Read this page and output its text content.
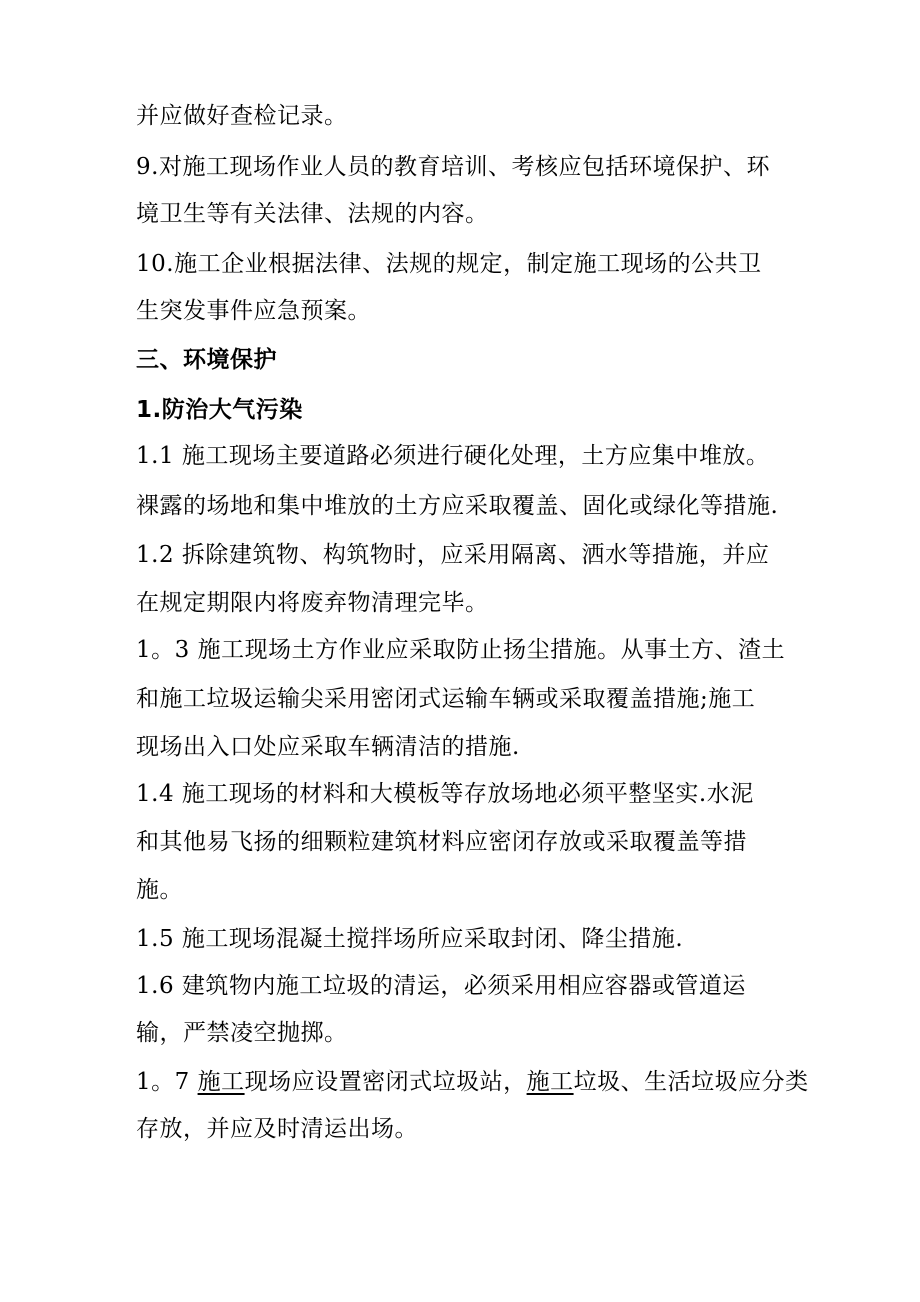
并应做好查检记录。
9.对施工现场作业人员的教育培训、考核应包括环境保护、环
境卫生等有关法律、法规的内容。
10.施工企业根据法律、法规的规定，制定施工现场的公共卫
生突发事件应急预案。
三、环境保护
1.防治大气污染
1.1 施工现场主要道路必须进行硬化处理，土方应集中堆放。
裸露的场地和集中堆放的土方应采取覆盖、固化或绿化等措施.
1.2 拆除建筑物、构筑物时，应采用隔离、洒水等措施，并应
在规定期限内将废弃物清理完毕。
1。3 施工现场土方作业应采取防止扬尘措施。从事土方、渣土
和施工垃圾运输尖采用密闭式运输车辆或采取覆盖措施;施工
现场出入口处应采取车辆清洁的措施.
1.4 施工现场的材料和大模板等存放场地必须平整坚实.水泥
和其他易飞扬的细颗粒建筑材料应密闭存放或采取覆盖等措
施。
1.5 施工现场混凝土搅拌场所应采取封闭、降尘措施.
1.6 建筑物内施工垃圾的清运，必须采用相应容器或管道运
输，严禁凌空抛掷。
1。7 施工现场应设置密闭式垃圾站，施工垃圾、生活垃圾应分类
存放，并应及时清运出场。
